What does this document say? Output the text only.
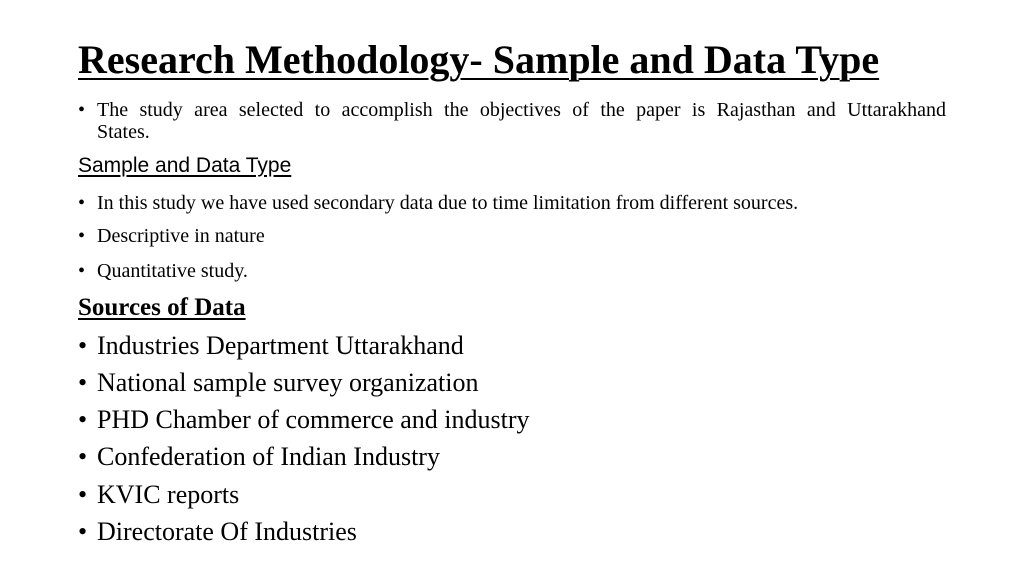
Research Methodology- Sample and Data Type
• The study area selected to accomplish the objectives of the paper is Rajasthan and Uttarakhand States.
Sample and Data Type
• In this study we have used secondary data due to time limitation from different sources.
• Descriptive in nature
• Quantitative study.
Sources of Data
• Industries Department Uttarakhand
• National sample survey organization
• PHD Chamber of commerce and industry
• Confederation of Indian Industry
• KVIC reports
• Directorate Of Industries
